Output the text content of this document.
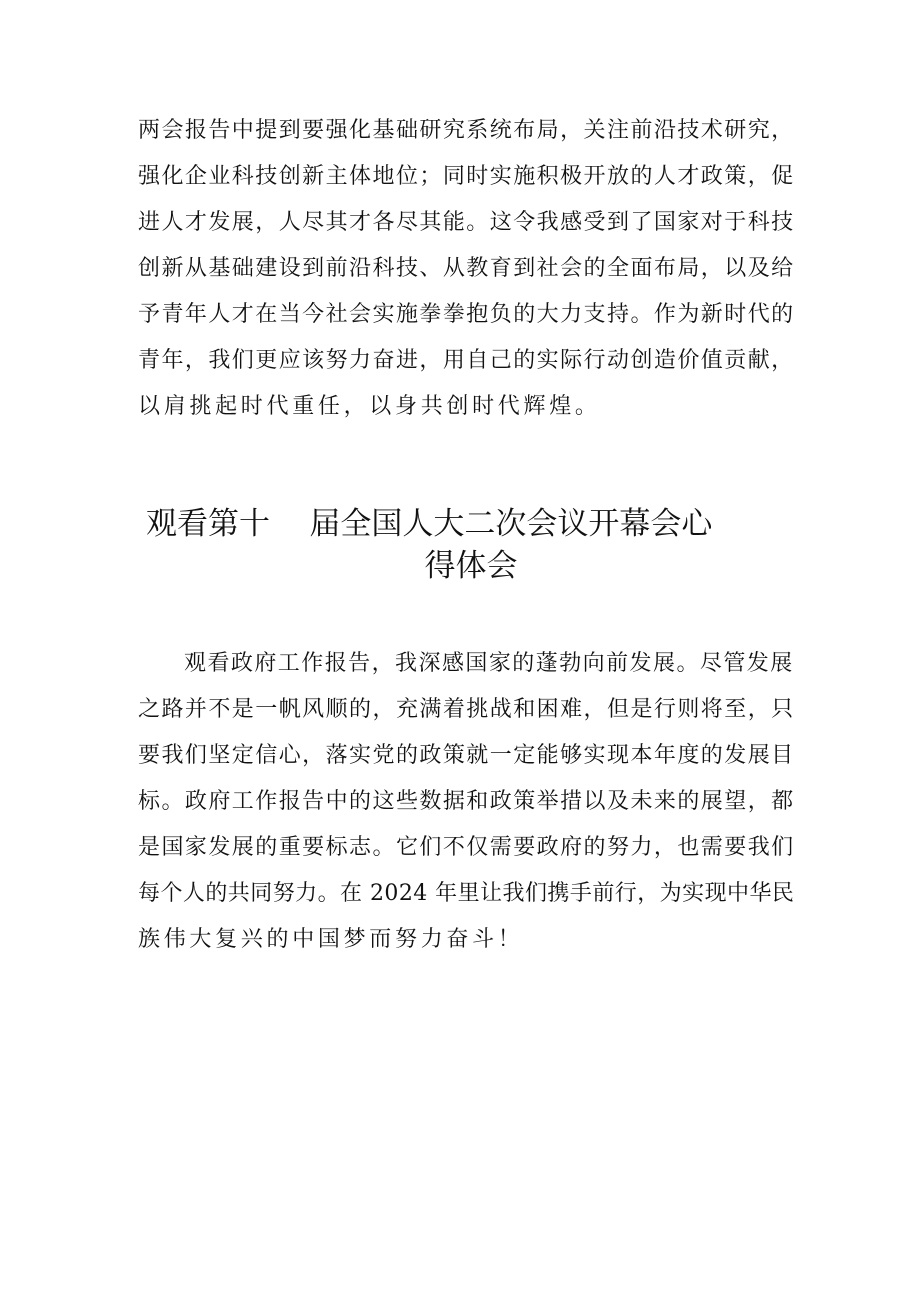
两会报告中提到要强化基础研究系统布局，关注前沿技术研究，
强化企业科技创新主体地位；同时实施积极开放的人才政策，促
进人才发展，人尽其才各尽其能。这令我感受到了国家对于科技
创新从基础建设到前沿科技、从教育到社会的全面布局，以及给
予青年人才在当今社会实施拳拳抱负的大力支持。作为新时代的
青年，我们更应该努力奋进，用自己的实际行动创造价值贡献，
以肩挑起时代重任，以身共创时代辉煌。
观看第十    届全国人大二次会议开幕会心
得体会
观看政府工作报告，我深感国家的蓬勃向前发展。尽管发展
之路并不是一帆风顺的，充满着挑战和困难，但是行则将至，只
要我们坚定信心，落实党的政策就一定能够实现本年度的发展目
标。政府工作报告中的这些数据和政策举措以及未来的展望，都
是国家发展的重要标志。它们不仅需要政府的努力，也需要我们
每个人的共同努力。在 2024 年里让我们携手前行，为实现中华民
族伟大复兴的中国梦而努力奋斗！
